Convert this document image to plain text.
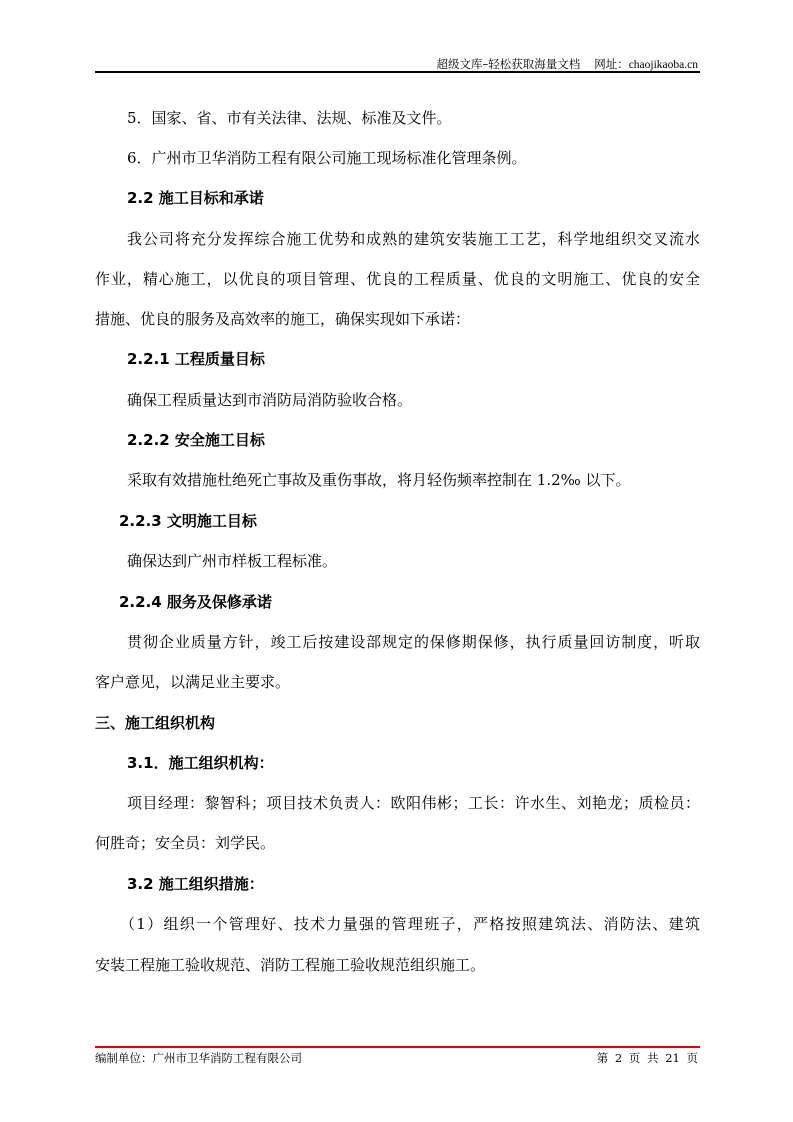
超级文库–轻松获取海量文档 网址：chaojikaoba.cn
5．国家、省、市有关法律、法规、标准及文件。
6．广州市卫华消防工程有限公司施工现场标准化管理条例。
2.2 施工目标和承诺
我公司将充分发挥综合施工优势和成熟的建筑安装施工工艺，科学地组织交叉流水
作业，精心施工，以优良的项目管理、优良的工程质量、优良的文明施工、优良的安全
措施、优良的服务及高效率的施工，确保实现如下承诺：
2.2.1 工程质量目标
确保工程质量达到市消防局消防验收合格。
2.2.2 安全施工目标
采取有效措施杜绝死亡事故及重伤事故，将月轻伤频率控制在 1.2‰ 以下。
2.2.3 文明施工目标
确保达到广州市样板工程标准。
2.2.4 服务及保修承诺
贯彻企业质量方针，竣工后按建设部规定的保修期保修，执行质量回访制度，听取
客户意见，以满足业主要求。
三、施工组织机构
3.1．施工组织机构：
项目经理：黎智科；项目技术负责人：欧阳伟彬；工长：许水生、刘艳龙；质检员：
何胜奇；安全员：刘学民。
3.2 施工组织措施：
（1）组织一个管理好、技术力量强的管理班子，严格按照建筑法、消防法、建筑
安装工程施工验收规范、消防工程施工验收规范组织施工。
编制单位：广州市卫华消防工程有限公司	第 2 页 共 21 页
